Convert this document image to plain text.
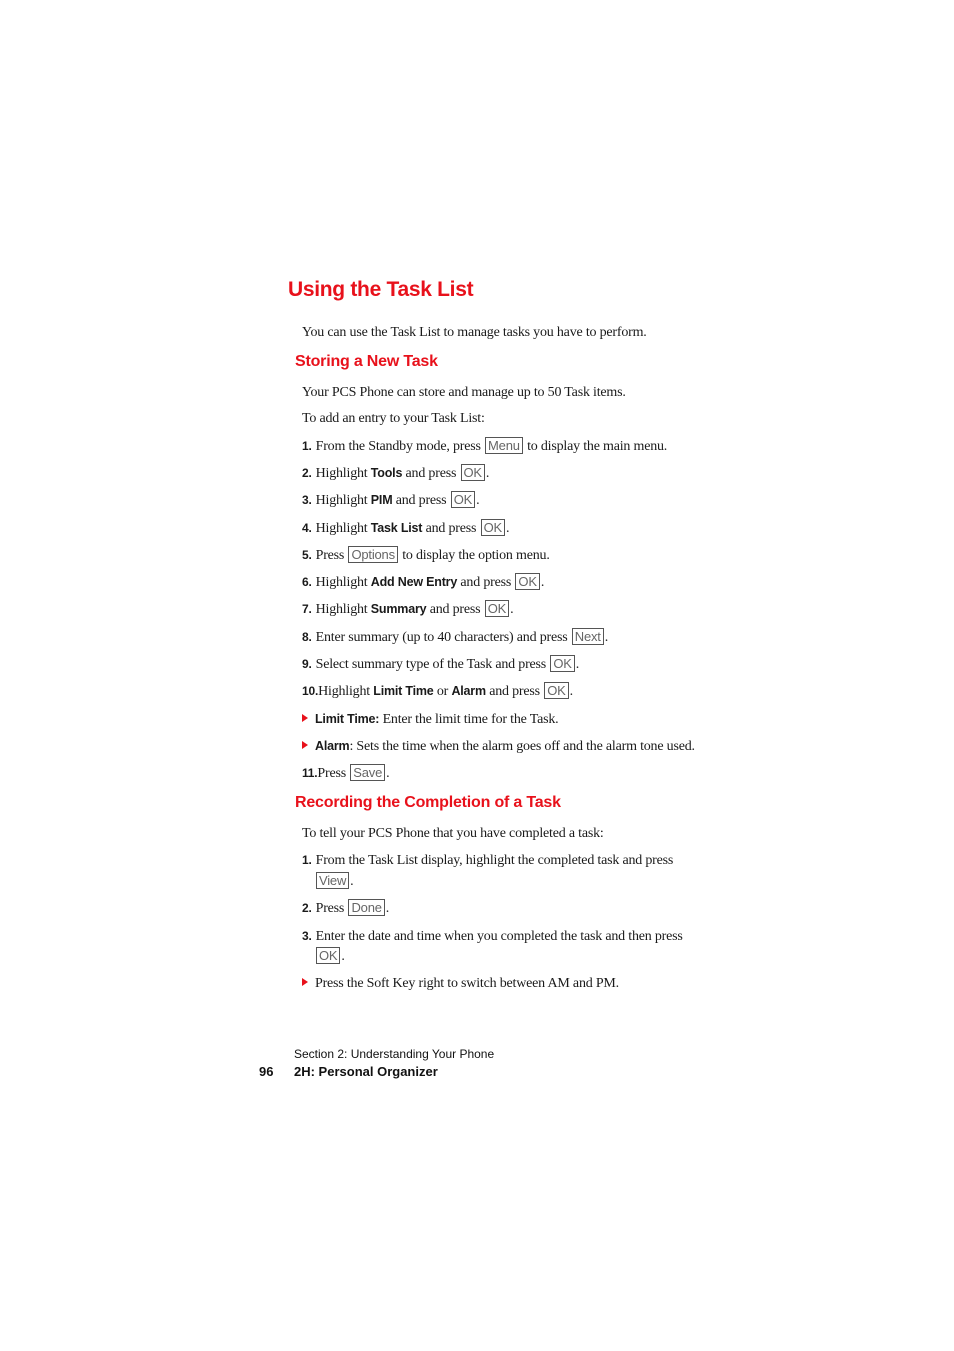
Using the Task List
You can use the Task List to manage tasks you have to perform.
Storing a New Task
Your PCS Phone can store and manage up to 50 Task items.
To add an entry to your Task List:
1. From the Standby mode, press Menu to display the main menu.
2. Highlight Tools and press OK .
3. Highlight PIM and press OK .
4. Highlight Task List and press OK .
5. Press Options to display the option menu.
6. Highlight Add New Entry and press OK .
7. Highlight Summary and press OK .
8. Enter summary (up to 40 characters) and press Next .
9. Select summary type of the Task and press OK .
10.Highlight Limit Time or Alarm and press OK .
Limit Time: Enter the limit time for the Task.
Alarm: Sets the time when the alarm goes off and the alarm tone used.
11.Press Save .
Recording the Completion of a Task
To tell your PCS Phone that you have completed a task:
1. From the Task List display, highlight the completed task and press
View .
2. Press Done .
3. Enter the date and time when you completed the task and then press
OK .
Press the Soft Key right to switch between AM and PM.
Section 2: Understanding Your Phone
96 2H: Personal Organizer
